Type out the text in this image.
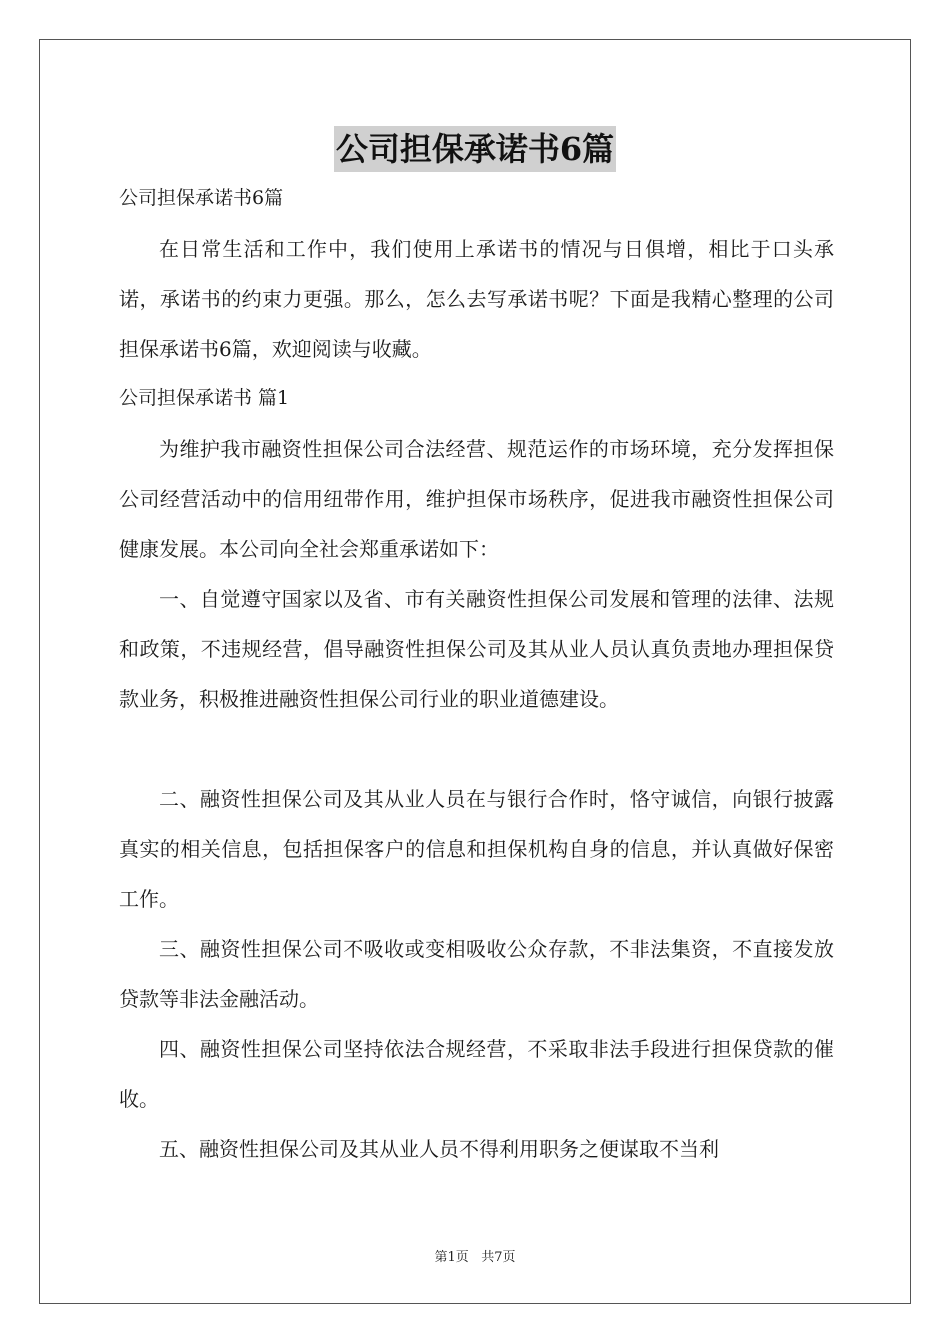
公司担保承诺书6篇
公司担保承诺书6篇
在日常生活和工作中，我们使用上承诺书的情况与日俱增，相比于口头承诺，承诺书的约束力更强。那么，怎么去写承诺书呢？下面是我精心整理的公司担保承诺书6篇，欢迎阅读与收藏。
公司担保承诺书 篇1
为维护我市融资性担保公司合法经营、规范运作的市场环境，充分发挥担保公司经营活动中的信用纽带作用，维护担保市场秩序，促进我市融资性担保公司健康发展。本公司向全社会郑重承诺如下：
一、自觉遵守国家以及省、市有关融资性担保公司发展和管理的法律、法规和政策，不违规经营，倡导融资性担保公司及其从业人员认真负责地办理担保贷款业务，积极推进融资性担保公司行业的职业道德建设。
二、融资性担保公司及其从业人员在与银行合作时，恪守诚信，向银行披露真实的相关信息，包括担保客户的信息和担保机构自身的信息，并认真做好保密工作。
三、融资性担保公司不吸收或变相吸收公众存款，不非法集资，不直接发放贷款等非法金融活动。
四、融资性担保公司坚持依法合规经营，不采取非法手段进行担保贷款的催收。
五、融资性担保公司及其从业人员不得利用职务之便谋取不当利
第1页 共7页
